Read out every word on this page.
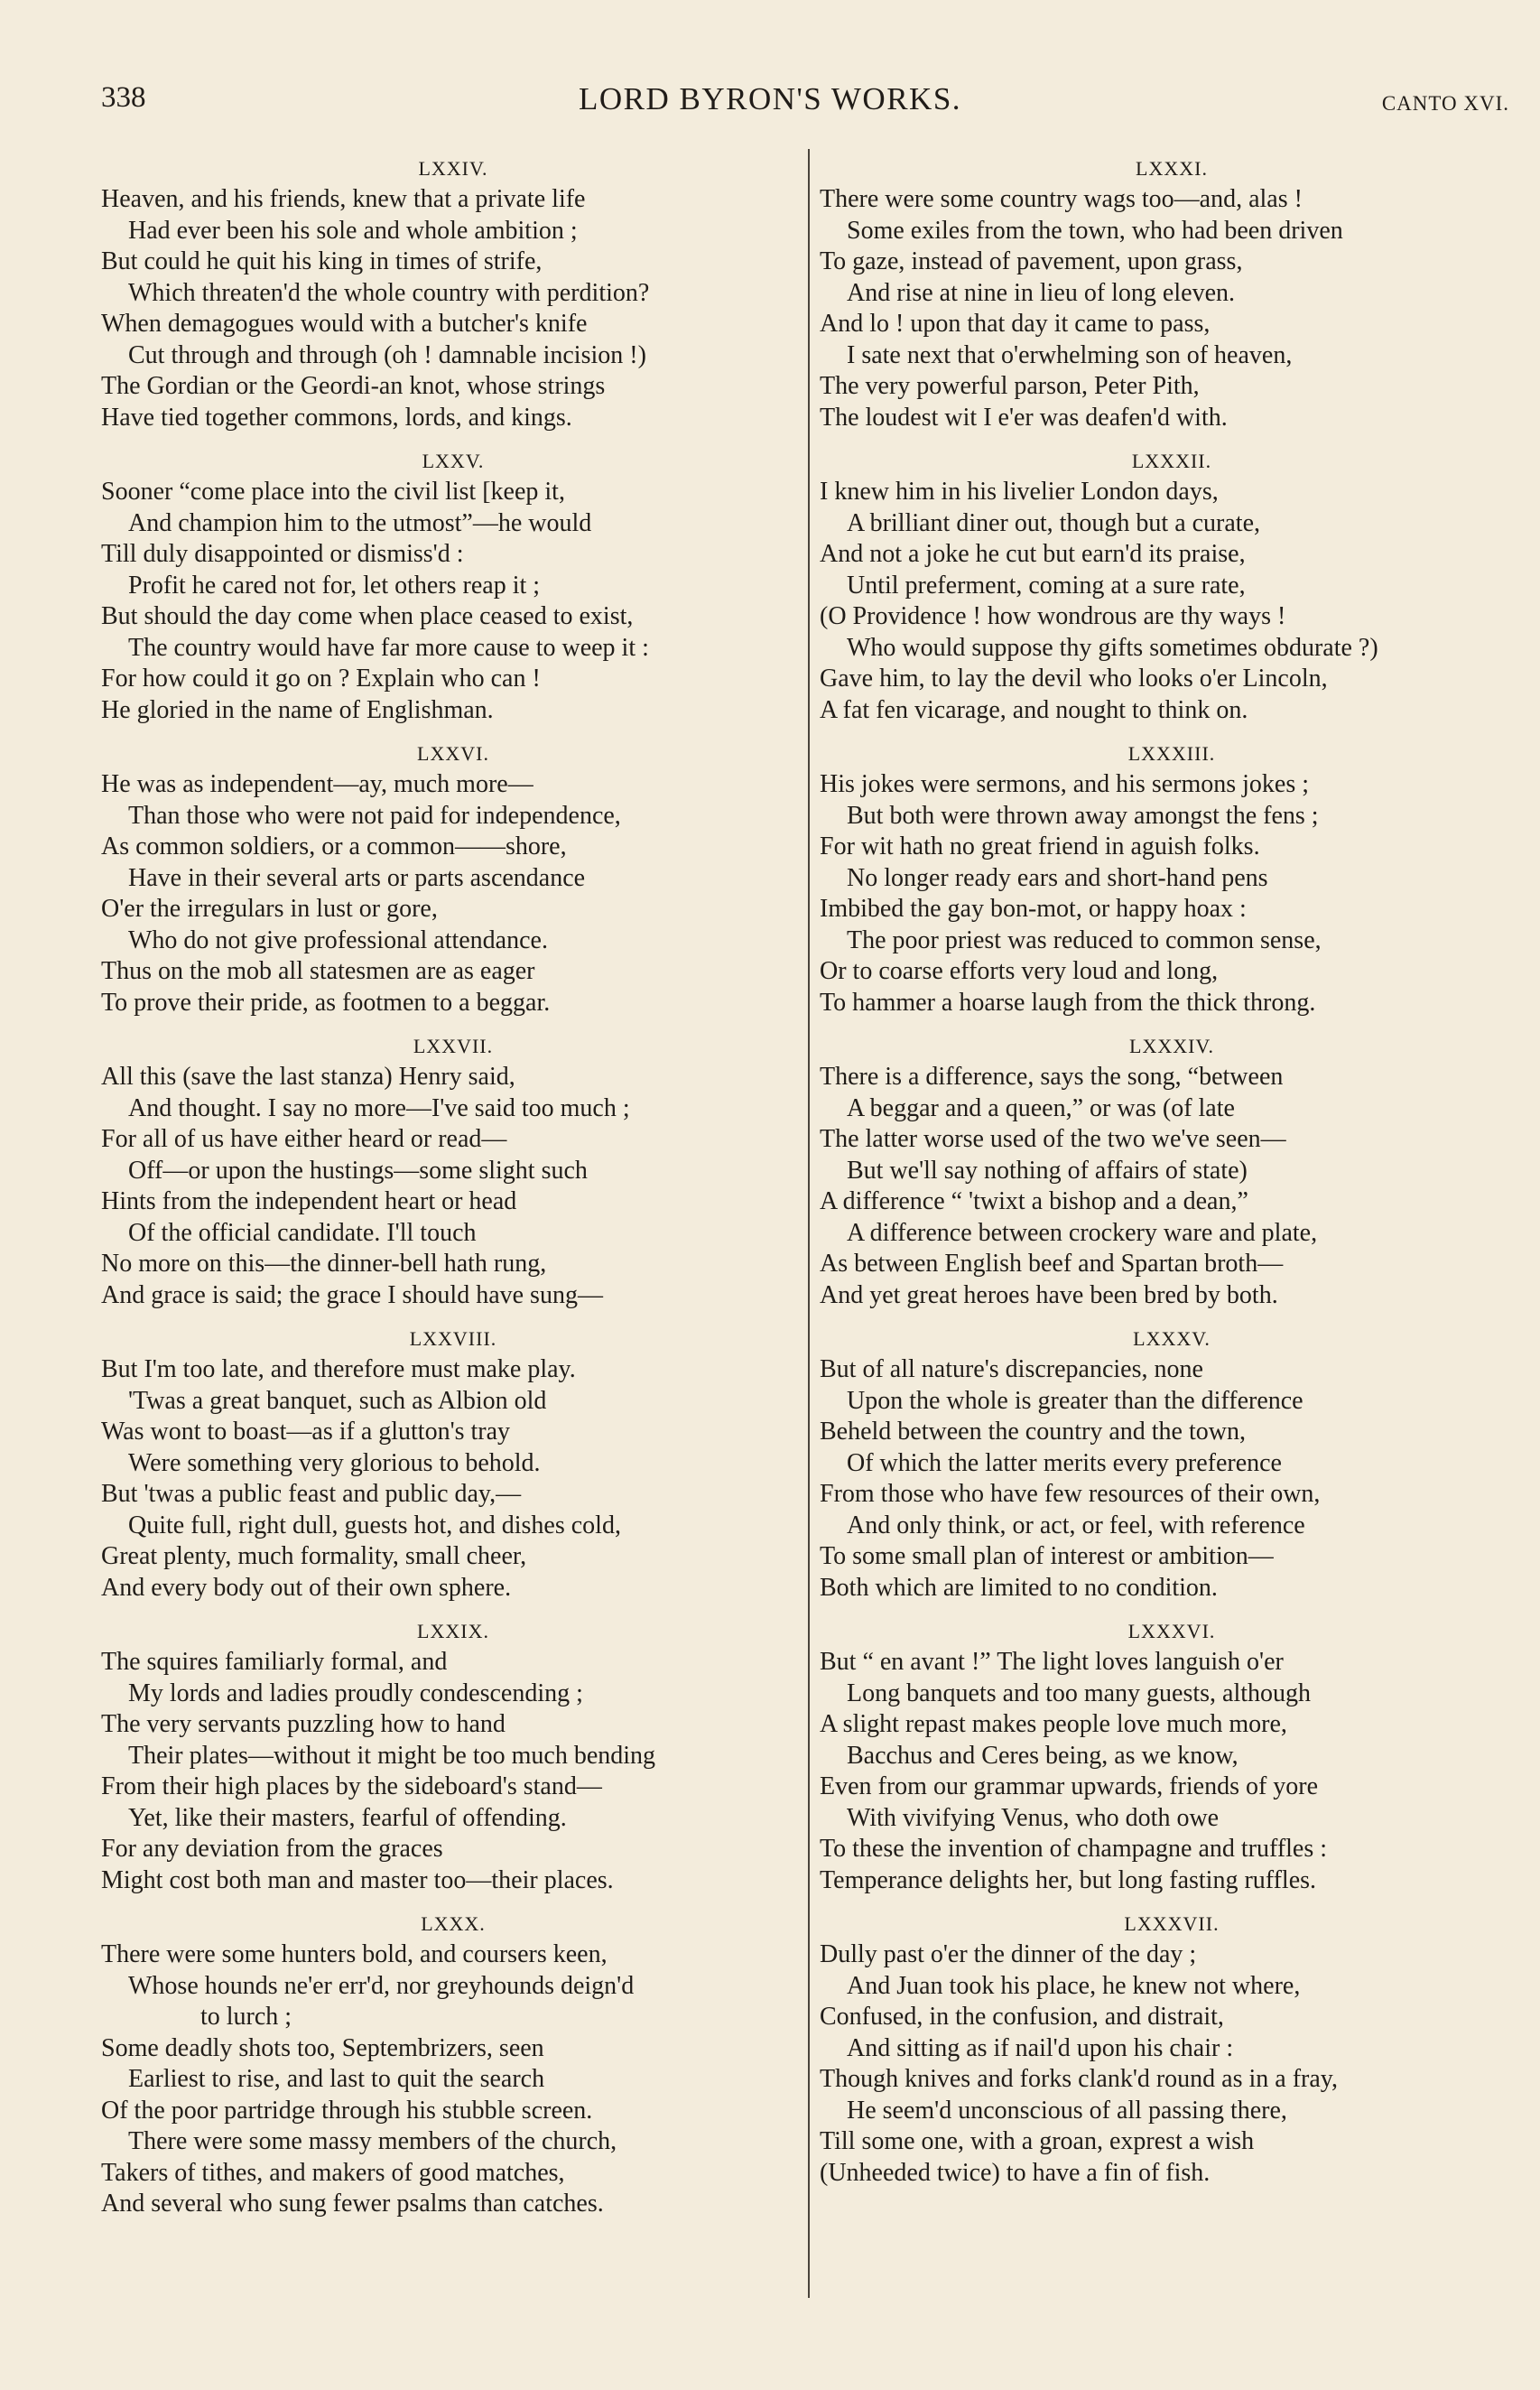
338	LORD BYRON'S WORKS.	CANTO XVI.
LXXIV.
Heaven, and his friends, knew that a private life
Had ever been his sole and whole ambition ;
But could he quit his king in times of strife,
Which threaten'd the whole country with perdition?
When demagogues would with a butcher's knife
Cut through and through (oh ! damnable incision !)
The Gordian or the Geordi-an knot, whose strings
Have tied together commons, lords, and kings.
LXXV.
Sooner “come place into the civil list [keep it,
And champion him to the utmost”—he would
Till duly disappointed or dismiss'd :
Profit he cared not for, let others reap it ;
But should the day come when place ceased to exist,
The country would have far more cause to weep it :
For how could it go on ? Explain who can !
He gloried in the name of Englishman.
LXXVI.
He was as independent—ay, much more—
Than those who were not paid for independence,
As common soldiers, or a common——shore,
Have in their several arts or parts ascendance
O'er the irregulars in lust or gore,
Who do not give professional attendance.
Thus on the mob all statesmen are as eager
To prove their pride, as footmen to a beggar.
LXXVII.
All this (save the last stanza) Henry said,
And thought. I say no more—I've said too much ;
For all of us have either heard or read—
Off—or upon the hustings—some slight such
Hints from the independent heart or head
Of the official candidate. I'll touch
No more on this—the dinner-bell hath rung,
And grace is said; the grace I should have sung—
LXXVIII.
But I'm too late, and therefore must make play.
'Twas a great banquet, such as Albion old
Was wont to boast—as if a glutton's tray
Were something very glorious to behold.
But 'twas a public feast and public day,—
Quite full, right dull, guests hot, and dishes cold,
Great plenty, much formality, small cheer,
And every body out of their own sphere.
LXXIX.
The squires familiarly formal, and
My lords and ladies proudly condescending ;
The very servants puzzling how to hand
Their plates—without it might be too much bending
From their high places by the sideboard's stand—
Yet, like their masters, fearful of offending.
For any deviation from the graces
Might cost both man and master too—their places.
LXXX.
There were some hunters bold, and coursers keen,
Whose hounds ne'er err'd, nor greyhounds deign'd
to lurch ;
Some deadly shots too, Septembrizers, seen
Earliest to rise, and last to quit the search
Of the poor partridge through his stubble screen.
There were some massy members of the church,
Takers of tithes, and makers of good matches,
And several who sung fewer psalms than catches.
LXXXI.
There were some country wags too—and, alas !
Some exiles from the town, who had been driven
To gaze, instead of pavement, upon grass,
And rise at nine in lieu of long eleven.
And lo ! upon that day it came to pass,
I sate next that o'erwhelming son of heaven,
The very powerful parson, Peter Pith,
The loudest wit I e'er was deafen'd with.
LXXXII.
I knew him in his livelier London days,
A brilliant diner out, though but a curate,
And not a joke he cut but earn'd its praise,
Until preferment, coming at a sure rate,
(O Providence ! how wondrous are thy ways !
Who would suppose thy gifts sometimes obdurate ?)
Gave him, to lay the devil who looks o'er Lincoln,
A fat fen vicarage, and nought to think on.
LXXXIII.
His jokes were sermons, and his sermons jokes ;
But both were thrown away amongst the fens ;
For wit hath no great friend in aguish folks.
No longer ready ears and short-hand pens
Imbibed the gay bon-mot, or happy hoax :
The poor priest was reduced to common sense,
Or to coarse efforts very loud and long,
To hammer a hoarse laugh from the thick throng.
LXXXIV.
There is a difference, says the song, “between
A beggar and a queen,” or was (of late
The latter worse used of the two we've seen—
But we'll say nothing of affairs of state)
A difference “ 'twixt a bishop and a dean,”
A difference between crockery ware and plate,
As between English beef and Spartan broth—
And yet great heroes have been bred by both.
LXXXV.
But of all nature's discrepancies, none
Upon the whole is greater than the difference
Beheld between the country and the town,
Of which the latter merits every preference
From those who have few resources of their own,
And only think, or act, or feel, with reference
To some small plan of interest or ambition—
Both which are limited to no condition.
LXXXVI.
But “ en avant !” The light loves languish o'er
Long banquets and too many guests, although
A slight repast makes people love much more,
Bacchus and Ceres being, as we know,
Even from our grammar upwards, friends of yore
With vivifying Venus, who doth owe
To these the invention of champagne and truffles :
Temperance delights her, but long fasting ruffles.
LXXXVII.
Dully past o'er the dinner of the day ;
And Juan took his place, he knew not where,
Confused, in the confusion, and distrait,
And sitting as if nail'd upon his chair :
Though knives and forks clank'd round as in a fray,
He seem'd unconscious of all passing there,
Till some one, with a groan, exprest a wish
(Unheeded twice) to have a fin of fish.
